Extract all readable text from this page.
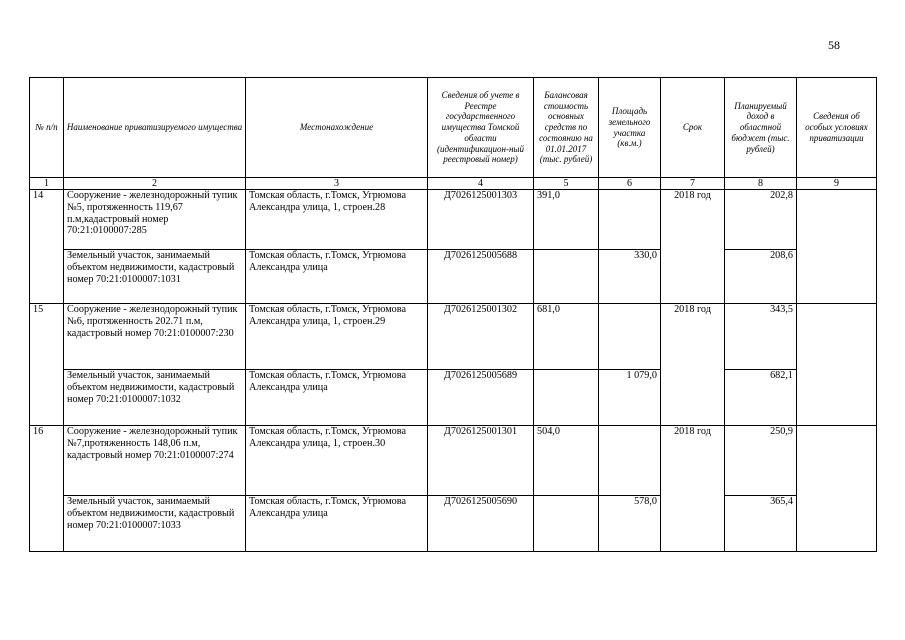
58
№ п/п	Наименование приватизируемого имущества	Местонахождение	Сведения об учете в Реестре государственного имущества Томской области (идентификацион-ный реестровый номер)	Балансовая стоимость основных средств по состоянию на 01.01.2017 (тыс. рублей)	Площадь земельного участка (кв.м.)	Срок	Планируемый доход в областной бюджет (тыс. рублей)	Сведения об особых условиях приватизации
1	2	3	4	5	6	7	8	9
14	Сооружение - железнодорожный тупик №5, протяженность 119,67 п.м,кадастровый номер 70:21:0100007:285	Томская область, г.Томск, Угрюмова Александра улица, 1, строен.28	Д7026125001303	391,0		2018 год	202,8	
	Земельный участок, занимаемый объектом недвижимости, кадастровый номер 70:21:0100007:1031	Томская область, г.Томск, Угрюмова Александра улица	Д7026125005688		330,0		208,6	
15	Сооружение - железнодорожный тупик №6, протяженность 202.71 п.м, кадастровый номер 70:21:0100007:230	Томская область, г.Томск, Угрюмова Александра улица, 1, строен.29	Д7026125001302	681,0		2018 год	343,5	
	Земельный участок, занимаемый объектом недвижимости, кадастровый номер 70:21:0100007:1032	Томская область, г.Томск, Угрюмова Александра улица	Д7026125005689		1 079,0		682,1	
16	Сооружение - железнодорожный тупик №7,протяженность 148,06 п.м, кадастровый номер 70:21:0100007:274	Томская область, г.Томск, Угрюмова Александра улица, 1, строен.30	Д7026125001301	504,0		2018 год	250,9	
	Земельный участок, занимаемый объектом недвижимости, кадастровый номер 70:21:0100007:1033	Томская область, г.Томск, Угрюмова Александра улица	Д7026125005690		578,0		365,4	
